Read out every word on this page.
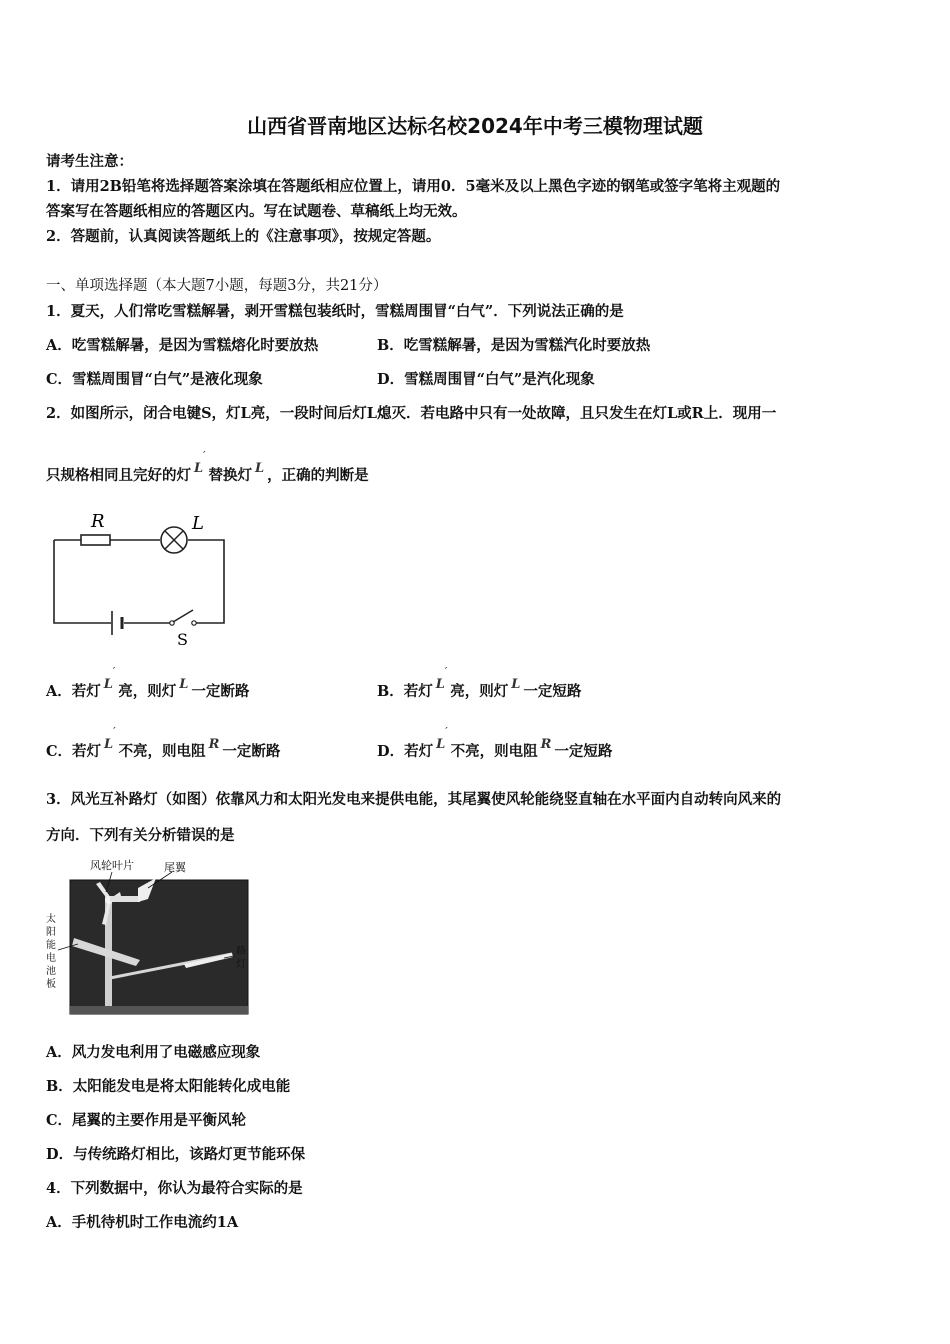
山西省晋南地区达标名校2024年中考三模物理试题
请考生注意：
1．请用2B铅笔将选择题答案涂填在答题纸相应位置上，请用0．5毫米及以上黑色字迹的钢笔或签字笔将主观题的
答案写在答题纸相应的答题区内。写在试题卷、草稿纸上均无效。
2．答题前，认真阅读答题纸上的《注意事项》，按规定答题。
一、单项选择题（本大题7小题，每题3分，共21分）
1．夏天，人们常吃雪糕解暑，剥开雪糕包装纸时，雪糕周围冒“白气”．下列说法正确的是
A．吃雪糕解暑，是因为雪糕熔化时要放热	B．吃雪糕解暑，是因为雪糕汽化时要放热
C．雪糕周围冒“白气”是液化现象	D．雪糕周围冒“白气”是汽化现象
2．如图所示，闭合电键S，灯L亮，一段时间后灯L熄灭．若电路中只有一处故障，且只发生在灯L或R上．现用一
只规格相同且完好的灯 L′替换灯 L ，正确的判断是
R	L
S
A．若灯 L′亮，则灯 L 一定断路	B．若灯 L′亮，则灯 L 一定短路
C．若灯 L′不亮，则电阻 R 一定断路	D．若灯 L′不亮，则电阻 R 一定短路
3．风光互补路灯（如图）依靠风力和太阳光发电来提供电能，其尾翼使风轮能绕竖直轴在水平面内自动转向风来的
方向．下列有关分析错误的是
风轮叶片	尾翼
太
阳
能
电
池
板
路
灯
A．风力发电利用了电磁感应现象
B．太阳能发电是将太阳能转化成电能
C．尾翼的主要作用是平衡风轮
D．与传统路灯相比，该路灯更节能环保
4．下列数据中，你认为最符合实际的是
A．手机待机时工作电流约1A
